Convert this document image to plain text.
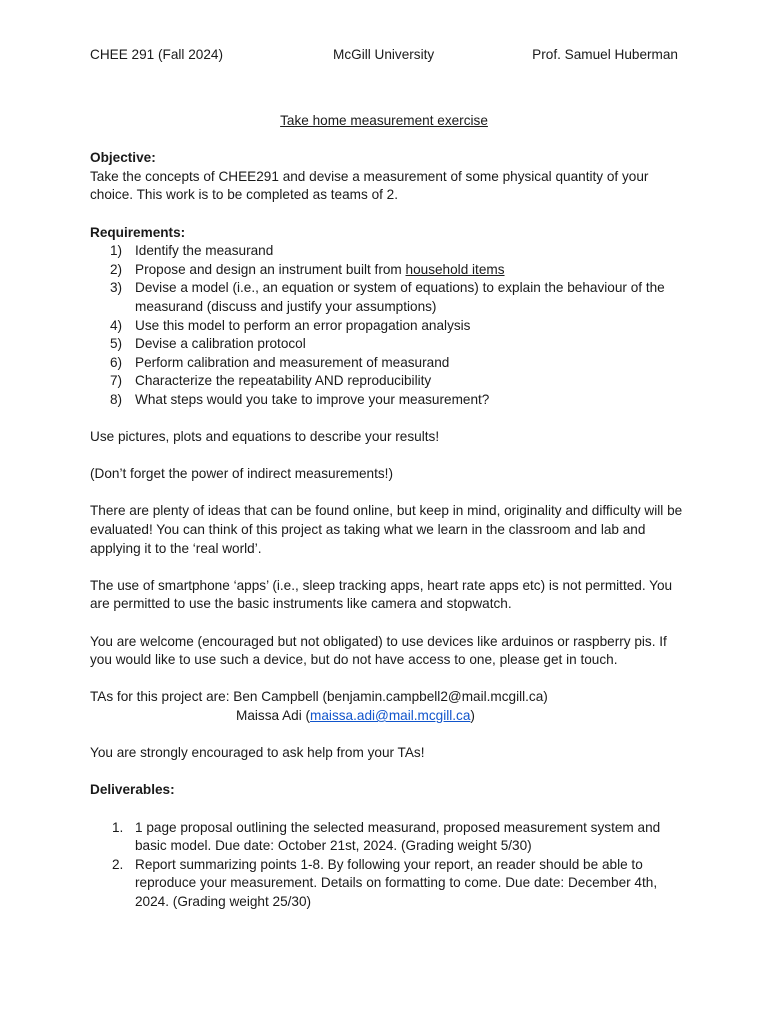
CHEE 291 (Fall 2024)	McGill University	Prof. Samuel Huberman

Take home measurement exercise

Objective:

Take the concepts of CHEE291 and devise a measurement of some physical quantity of your choice. This work is to be completed as teams of 2.

Requirements:

1) Identify the measurand
2) Propose and design an instrument built from household items
3) Devise a model (i.e., an equation or system of equations) to explain the behaviour of the measurand (discuss and justify your assumptions)
4) Use this model to perform an error propagation analysis
5) Devise a calibration protocol
6) Perform calibration and measurement of measurand
7) Characterize the repeatability AND reproducibility
8) What steps would you take to improve your measurement?

Use pictures, plots and equations to describe your results!

(Don’t forget the power of indirect measurements!)

There are plenty of ideas that can be found online, but keep in mind, originality and difficulty will be evaluated! You can think of this project as taking what we learn in the classroom and lab and applying it to the ‘real world’.

The use of smartphone ‘apps’ (i.e., sleep tracking apps, heart rate apps etc) is not permitted. You are permitted to use the basic instruments like camera and stopwatch.

You are welcome (encouraged but not obligated) to use devices like arduinos or raspberry pis. If you would like to use such a device, but do not have access to one, please get in touch.

TAs for this project are: Ben Campbell (benjamin.campbell2@mail.mcgill.ca)

Maissa Adi (maissa.adi@mail.mcgill.ca)

You are strongly encouraged to ask help from your TAs!

Deliverables:

1. 1 page proposal outlining the selected measurand, proposed measurement system and basic model. Due date: October 21st, 2024. (Grading weight 5/30)
2. Report summarizing points 1-8. By following your report, an reader should be able to reproduce your measurement. Details on formatting to come. Due date: December 4th, 2024. (Grading weight 25/30)
